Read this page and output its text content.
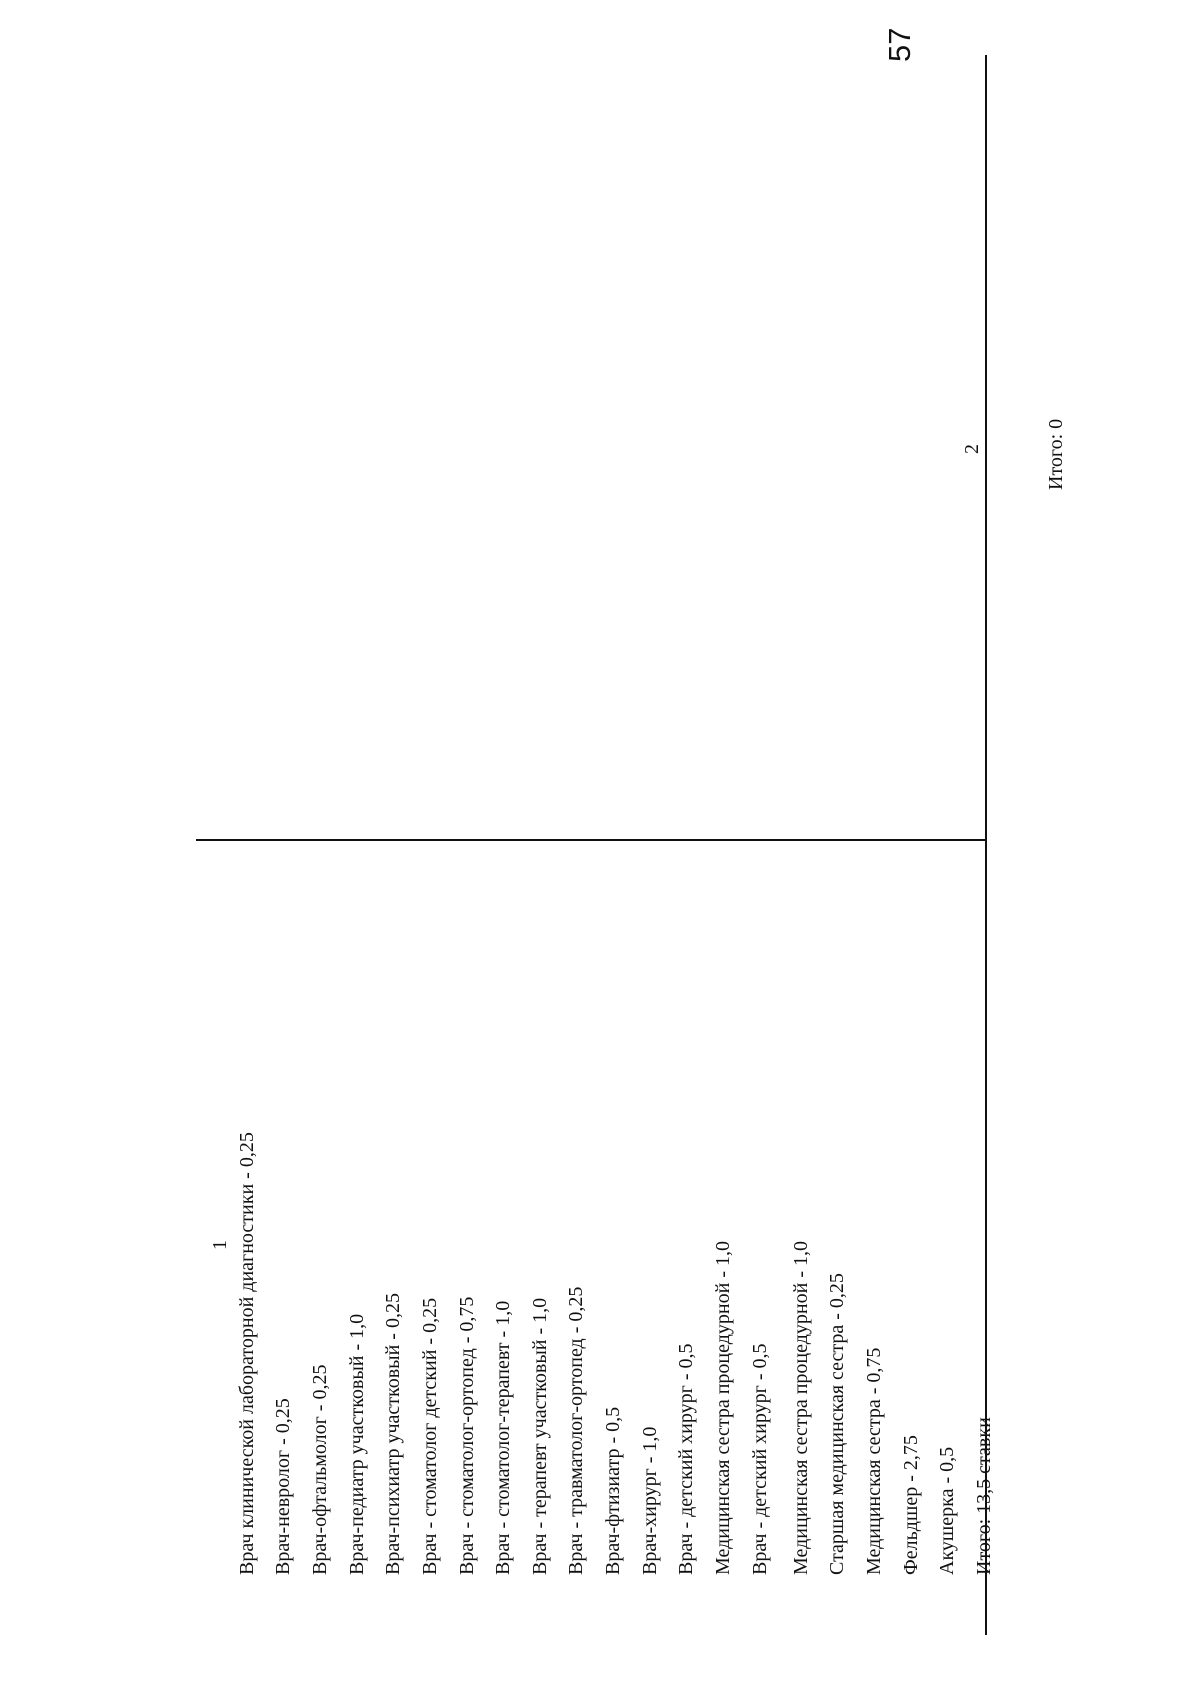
57
1
2
Врач клинической лабораторной диагностики - 0,25 Врач-невролог - 0,25 Врач-офтальмолог - 0,25 Врач-педиатр участковый - 1,0 Врач-психиатр участковый - 0,25 Врач - стоматолог детский - 0,25 Врач - стоматолог-ортопед - 0,75 Врач - стоматолог-терапевт - 1,0 Врач - терапевт участковый - 1,0 Врач - травматолог-ортопед - 0,25 Врач-фтизиатр - 0,5 Врач-хирург - 1,0 Врач - детский хирург - 0,5 Медицинская сестра процедурной - 1,0 Врач - детский хирург - 0,5 Медицинская сестра процедурной - 1,0 Старшая медицинская сестра - 0,25 Медицинская сестра - 0,75 Фельдшер - 2,75 Акушерка - 0,5 Итого: 13,5 ставки
Итого: 0
